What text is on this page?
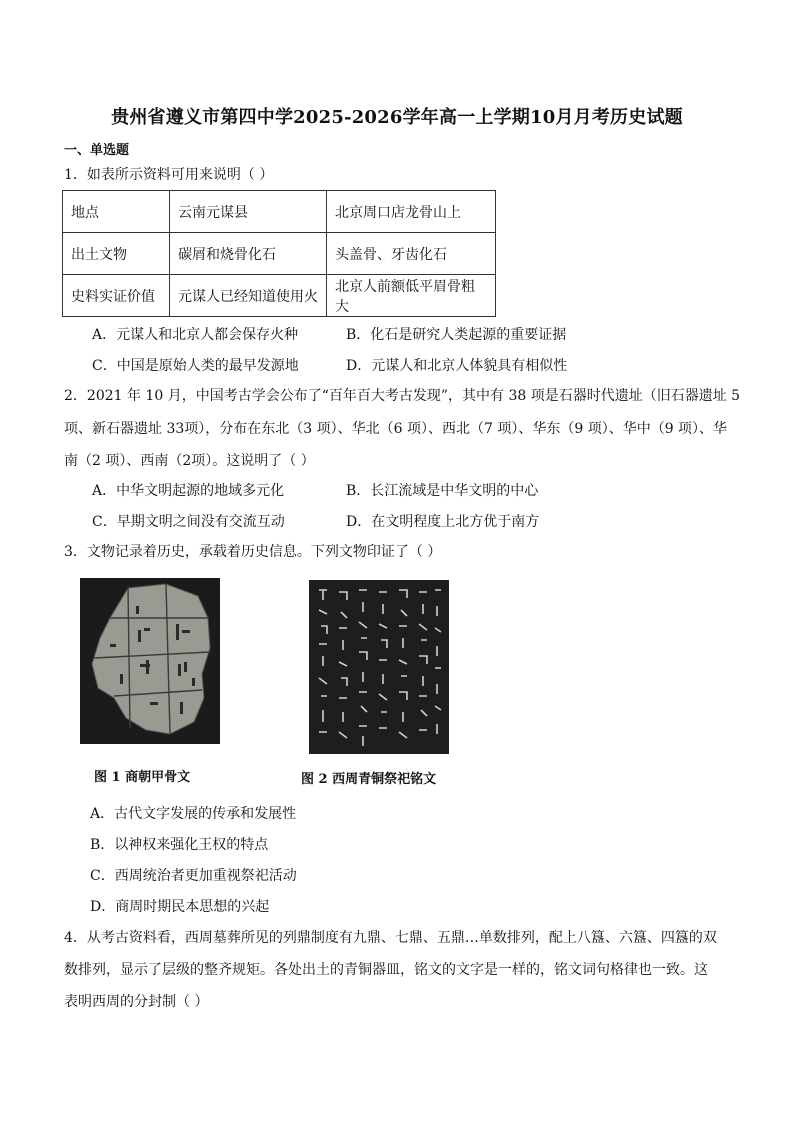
贵州省遵义市第四中学2025-2026学年高一上学期10月月考历史试题
一、单选题
1．如表所示资料可用来说明（ ）
地点	云南元谋县	北京周口店龙骨山上
出土文物	碳屑和烧骨化石	头盖骨、牙齿化石
史料实证价值	元谋人已经知道使用火	北京人前额低平眉骨粗大
A．元谋人和北京人都会保存火种	B．化石是研究人类起源的重要证据
C．中国是原始人类的最早发源地	D．元谋人和北京人体貌具有相似性
2．2021 年 10 月，中国考古学会公布了“百年百大考古发现”，其中有 38 项是石器时代遗址（旧石器遗址 5
项、新石器遗址 33项），分布在东北（3 项）、华北（6 项）、西北（7 项）、华东（9 项）、华中（9 项）、华
南（2 项）、西南（2项）。这说明了（ ）
A．中华文明起源的地域多元化	B．长江流域是中华文明的中心
C．早期文明之间没有交流互动	D．在文明程度上北方优于南方
3．文物记录着历史，承载着历史信息。下列文物印证了（ ）
图 1 商朝甲骨文	图 2 西周青铜祭祀铭文
A．古代文字发展的传承和发展性
B．以神权来强化王权的特点
C．西周统治者更加重视祭祀活动
D．商周时期民本思想的兴起
4．从考古资料看，西周墓葬所见的列鼎制度有九鼎、七鼎、五鼎…单数排列，配上八簋、六簋、四簋的双
数排列，显示了层级的整齐规矩。各处出土的青铜器皿，铭文的文字是一样的，铭文词句格律也一致。这
表明西周的分封制（ ）
